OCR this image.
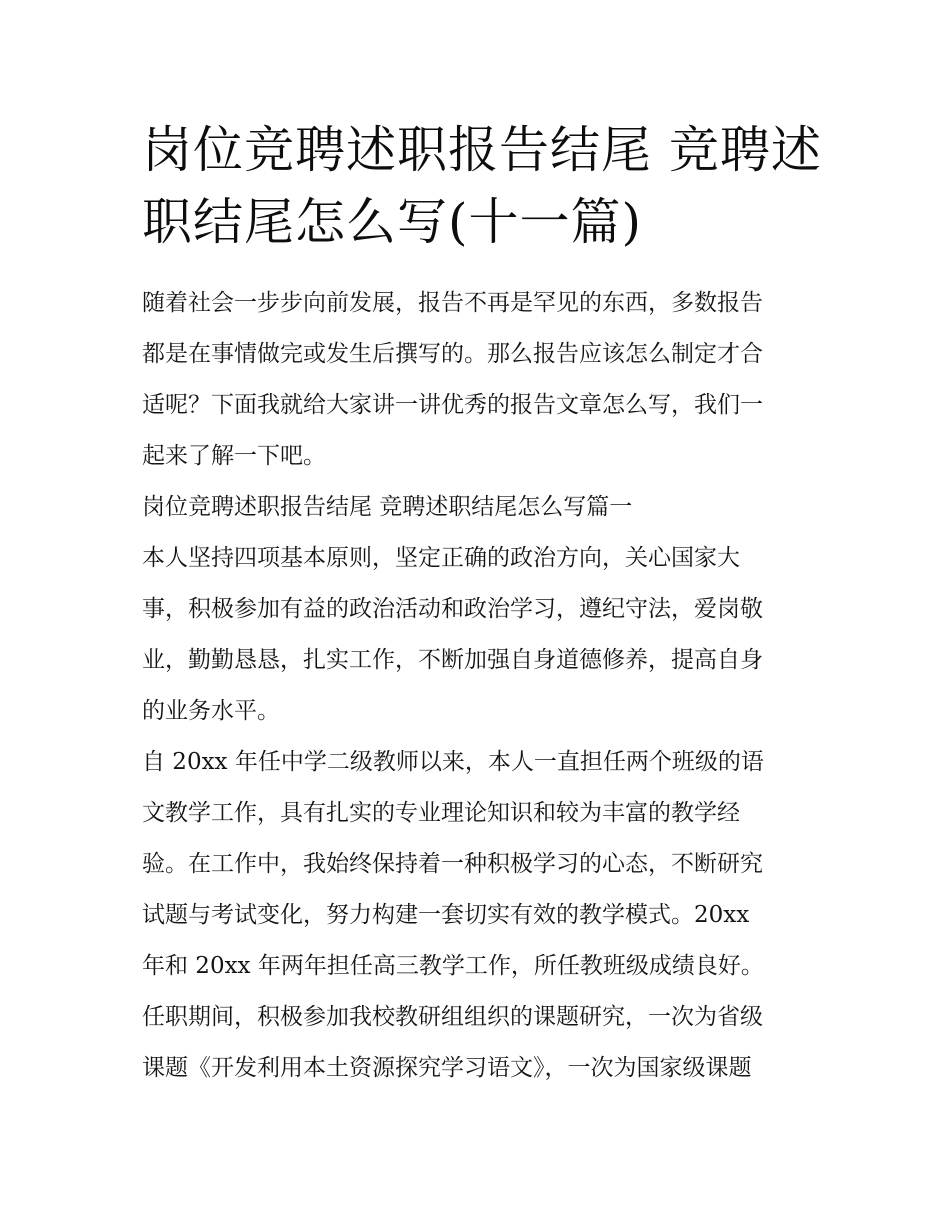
岗位竞聘述职报告结尾 竞聘述
职结尾怎么写(十一篇)

随着社会一步步向前发展，报告不再是罕见的东西，多数报告
都是在事情做完或发生后撰写的。那么报告应该怎么制定才合
适呢？下面我就给大家讲一讲优秀的报告文章怎么写，我们一
起来了解一下吧。

岗位竞聘述职报告结尾 竞聘述职结尾怎么写篇一

本人坚持四项基本原则，坚定正确的政治方向，关心国家大
事，积极参加有益的政治活动和政治学习，遵纪守法，爱岗敬
业，勤勤恳恳，扎实工作，不断加强自身道德修养，提高自身
的业务水平。

自 20xx 年任中学二级教师以来，本人一直担任两个班级的语
文教学工作，具有扎实的专业理论知识和较为丰富的教学经
验。在工作中，我始终保持着一种积极学习的心态，不断研究
试题与考试变化，努力构建一套切实有效的教学模式。20xx
年和 20xx 年两年担任高三教学工作，所任教班级成绩良好。
任职期间，积极参加我校教研组组织的课题研究，一次为省级
课题《开发利用本土资源探究学习语文》，一次为国家级课题
